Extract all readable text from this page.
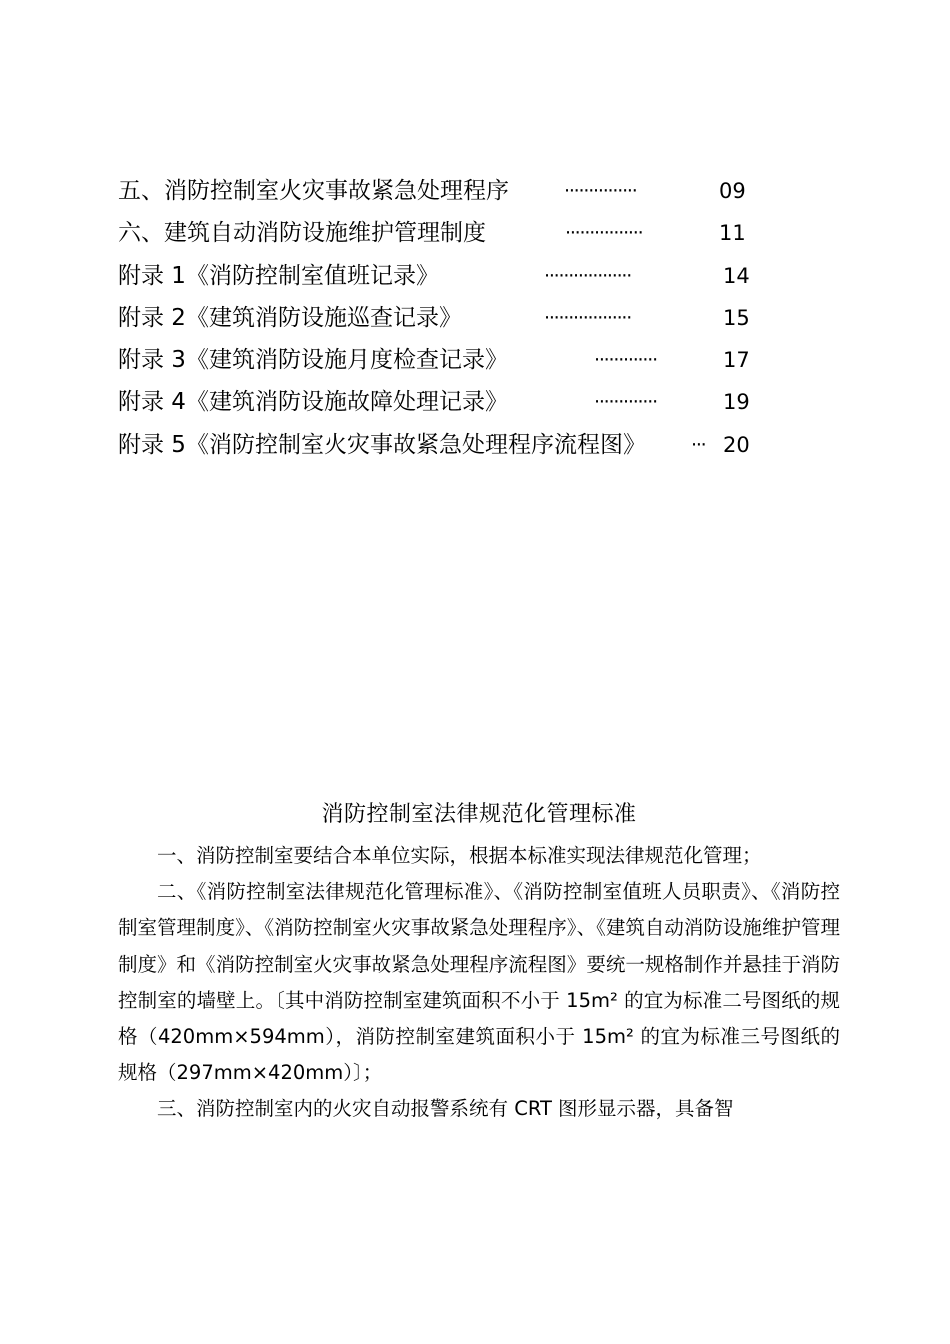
五、消防控制室火灾事故紧急处理程序	···············	09
六、建筑自动消防设施维护管理制度	················	11
附录 1《消防控制室值班记录》	··················	14
附录 2《建筑消防设施巡查记录》	··················	15
附录 3《建筑消防设施月度检查记录》	·············	17
附录 4《建筑消防设施故障处理记录》	·············	19
附录 5《消防控制室火灾事故紧急处理程序流程图》 ··· 20
消防控制室法律规范化管理标准

一、消防控制室要结合本单位实际，根据本标准实现法律规范化管理；

二、《消防控制室法律规范化管理标准》、《消防控制室值班人员职责》、《消防控制室管理制度》、《消防控制室火灾事故紧急处理程序》、《建筑自动消防设施维护管理制度》和《消防控制室火灾事故紧急处理程序流程图》要统一规格制作并悬挂于消防控制室的墙壁上。〔其中消防控制室建筑面积不小于 15m² 的宜为标准二号图纸的规格（420mm×594mm），消防控制室建筑面积小于 15m² 的宜为标准三号图纸的规格（297mm×420mm）〕；

三、消防控制室内的火灾自动报警系统有 CRT 图形显示器，具备智
